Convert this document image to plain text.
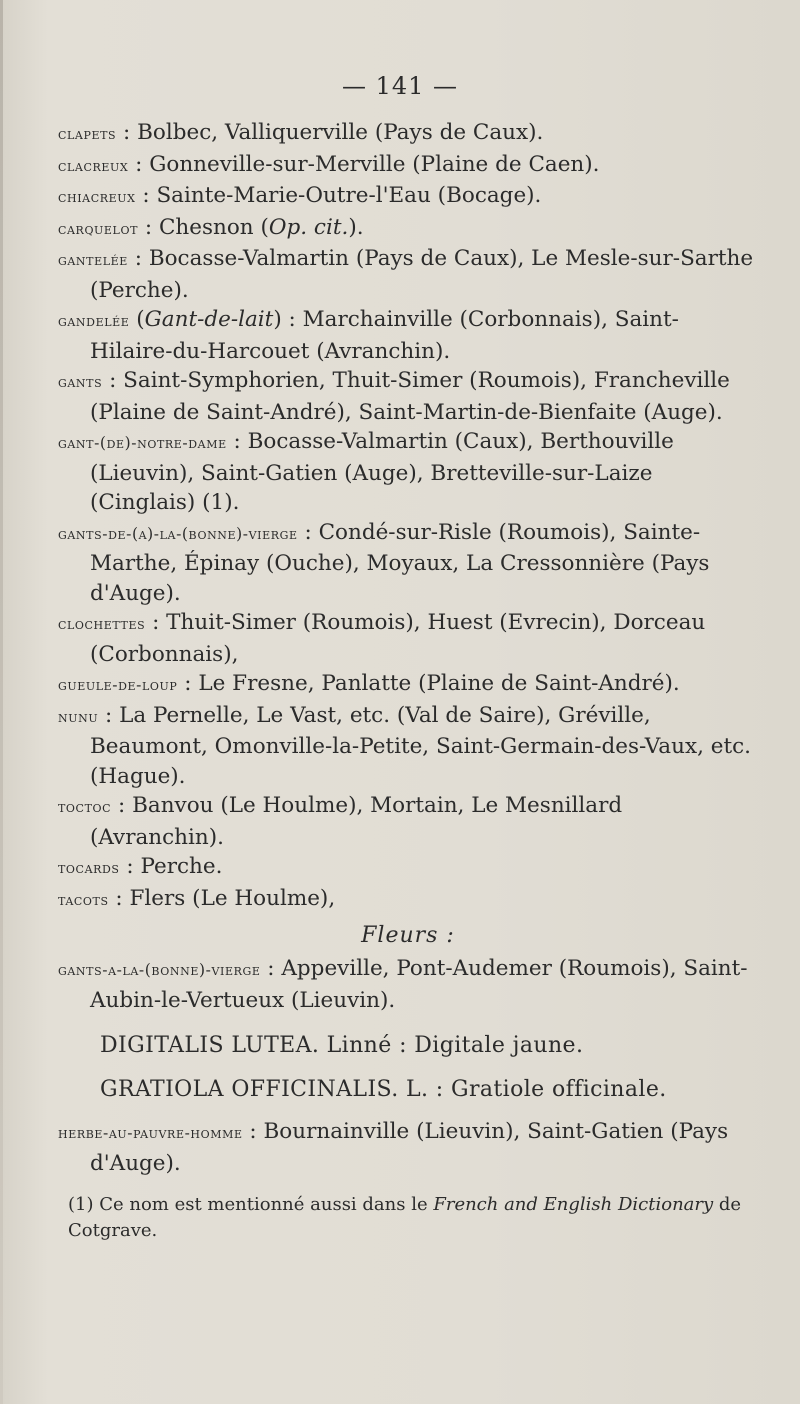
— 141 —
clapets : Bolbec, Valliquerville (Pays de Caux).
clacreux : Gonneville-sur-Merville (Plaine de Caen).
chiacreux : Sainte-Marie-Outre-l'Eau (Bocage).
carquelot : Chesnon (Op. cit.).
gantelée : Bocasse-Valmartin (Pays de Caux), Le Mesle-sur-Sarthe (Perche).
gandelée (Gant-de-lait) : Marchainville (Corbonnais), Saint-Hilaire-du-Harcouet (Avranchin).
gants : Saint-Symphorien, Thuit-Simer (Roumois), Francheville (Plaine de Saint-André), Saint-Martin-de-Bienfaite (Auge).
gant-(de)-notre-dame : Bocasse-Valmartin (Caux), Berthouville (Lieuvin), Saint-Gatien (Auge), Bretteville-sur-Laize (Cinglais) (1).
gants-de-(a)-la-(bonne)-vierge : Condé-sur-Risle (Roumois), Sainte-Marthe, Épinay (Ouche), Moyaux, La Cressonnière (Pays d'Auge).
clochettes : Thuit-Simer (Roumois), Huest (Evrecin), Dorceau (Corbonnais),
gueule-de-loup : Le Fresne, Panlatte (Plaine de Saint-André).
nunu : La Pernelle, Le Vast, etc. (Val de Saire), Gréville, Beaumont, Omonville-la-Petite, Saint-Germain-des-Vaux, etc. (Hague).
toctoc : Banvou (Le Houlme), Mortain, Le Mesnillard (Avranchin).
tocards : Perche.
tacots : Flers (Le Houlme),
Fleurs :
gants-a-la-(bonne)-vierge : Appeville, Pont-Audemer (Roumois), Saint-Aubin-le-Vertueux (Lieuvin).
DIGITALIS LUTEA. Linné : Digitale jaune.
GRATIOLA OFFICINALIS. L. : Gratiole officinale.
herbe-au-pauvre-homme : Bournainville (Lieuvin), Saint-Gatien (Pays d'Auge).
(1) Ce nom est mentionné aussi dans le French and English Dictionary de Cotgrave.
